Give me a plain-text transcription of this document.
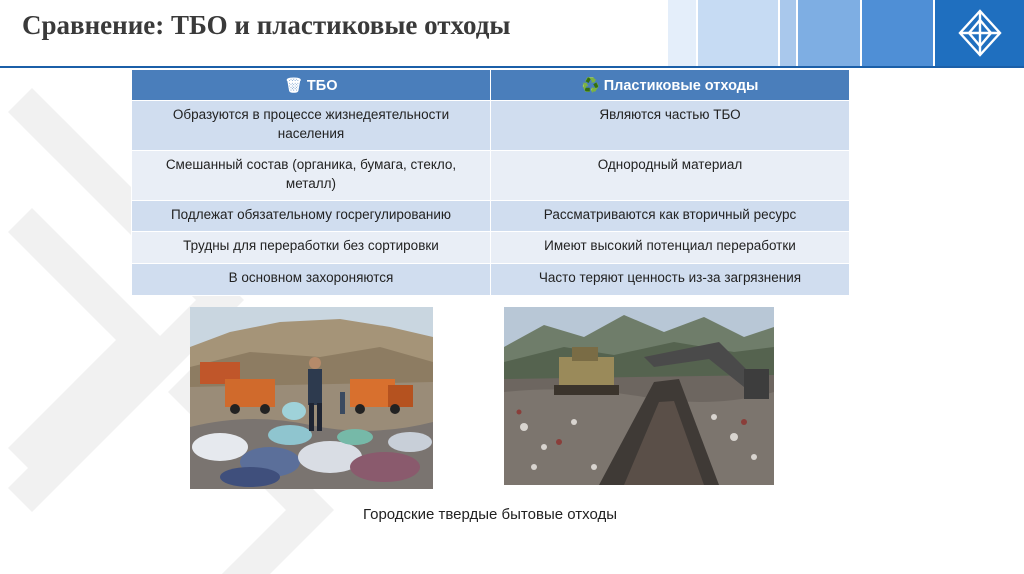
Сравнение: ТБО и пластиковые отходы
🗑 ТБО	♻️ Пластиковые отходы
Образуются в процессе жизнедеятельности населения	Являются частью ТБО
Смешанный состав (органика, бумага, стекло, металл)	Однородный материал
Подлежат обязательному госрегулированию	Рассматриваются как вторичный ресурс
Трудны для переработки без сортировки	Имеют высокий потенциал переработки
В основном захороняются	Часто теряют ценность из-за загрязнения
Городские твердые бытовые отходы
